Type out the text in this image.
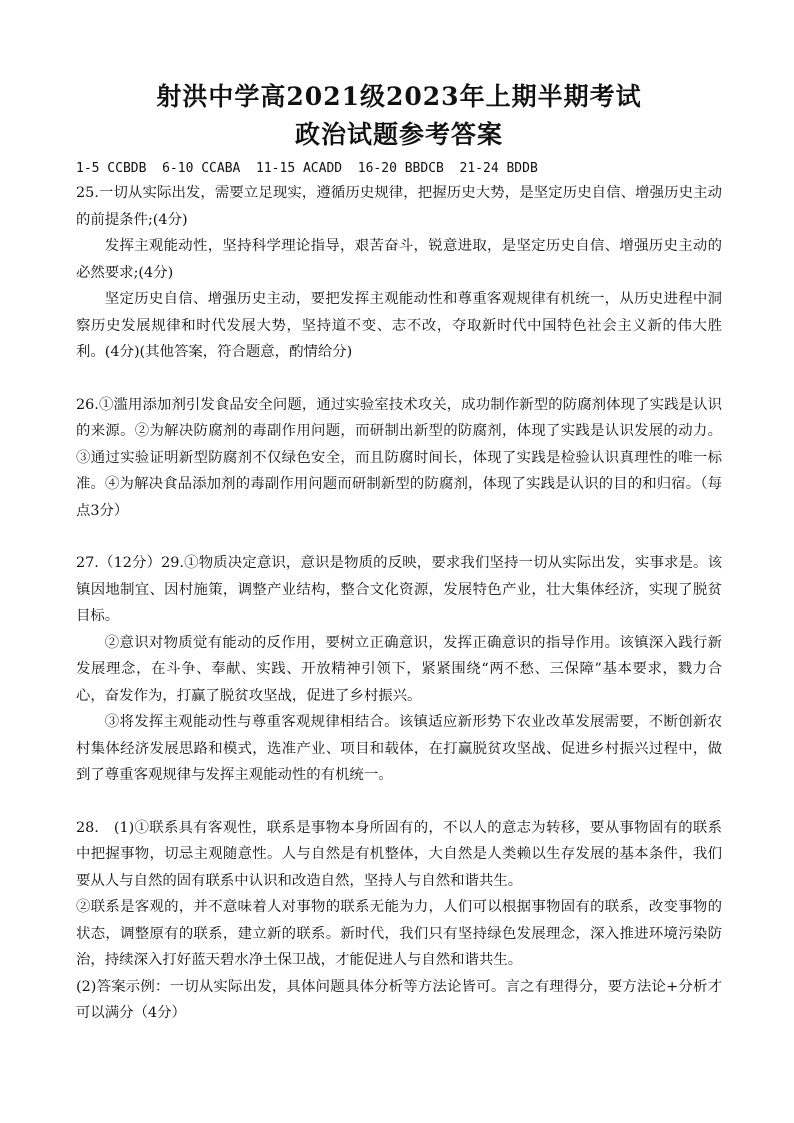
射洪中学高2021级2023年上期半期考试
政治试题参考答案

1-5 CCBDB  6-10 CCABA  11-15 ACADD  16-20 BBDCB  21-24 BDDB

25.一切从实际出发，需要立足现实，遵循历史规律，把握历史大势，是坚定历史自信、增强历史主动的前提条件;(4分)

发挥主观能动性，坚持科学理论指导，艰苦奋斗，锐意进取，是坚定历史自信、增强历史主动的必然要求;(4分)

坚定历史自信、增强历史主动，要把发挥主观能动性和尊重客观规律有机统一，从历史进程中洞察历史发展规律和时代发展大势，坚持道不变、志不改，夺取新时代中国特色社会主义新的伟大胜利。(4分)(其他答案，符合题意，酌情给分)

26.①滥用添加剂引发食品安全问题，通过实验室技术攻关，成功制作新型的防腐剂体现了实践是认识的来源。②为解决防腐剂的毒副作用问题，而研制出新型的防腐剂，体现了实践是认识发展的动力。③通过实验证明新型防腐剂不仅绿色安全，而且防腐时间长，体现了实践是检验认识真理性的唯一标准。④为解决食品添加剂的毒副作用问题而研制新型的防腐剂，体现了实践是认识的目的和归宿。（每点3分）

27.（12分）29.①物质决定意识，意识是物质的反映，要求我们坚持一切从实际出发，实事求是。该镇因地制宜、因村施策，调整产业结构，整合文化资源，发展特色产业，壮大集体经济，实现了脱贫目标。

②意识对物质觉有能动的反作用，要树立正确意识，发挥正确意识的指导作用。该镇深入践行新发展理念，在斗争、奉献、实践、开放精神引领下，紧紧围绕“两不愁、三保障”基本要求，戮力合心，奋发作为，打赢了脱贫攻坚战，促进了乡村振兴。

③将发挥主观能动性与尊重客观规律相结合。该镇适应新形势下农业改革发展需要，不断创新农村集体经济发展思路和模式，选准产业、项目和载体，在打赢脱贫攻坚战、促进乡村振兴过程中，做到了尊重客观规律与发挥主观能动性的有机统一。

28.　(1)①联系具有客观性，联系是事物本身所固有的，不以人的意志为转移，要从事物固有的联系中把握事物，切忌主观随意性。人与自然是有机整体，大自然是人类赖以生存发展的基本条件，我们要从人与自然的固有联系中认识和改造自然，坚持人与自然和谐共生。

②联系是客观的，并不意味着人对事物的联系无能为力，人们可以根据事物固有的联系，改变事物的状态，调整原有的联系，建立新的联系。新时代，我们只有坚持绿色发展理念，深入推进环境污染防治，持续深入打好蓝天碧水净土保卫战，才能促进人与自然和谐共生。

(2)答案示例：一切从实际出发，具体问题具体分析等方法论皆可。言之有理得分，要方法论+分析才可以满分（4分）
